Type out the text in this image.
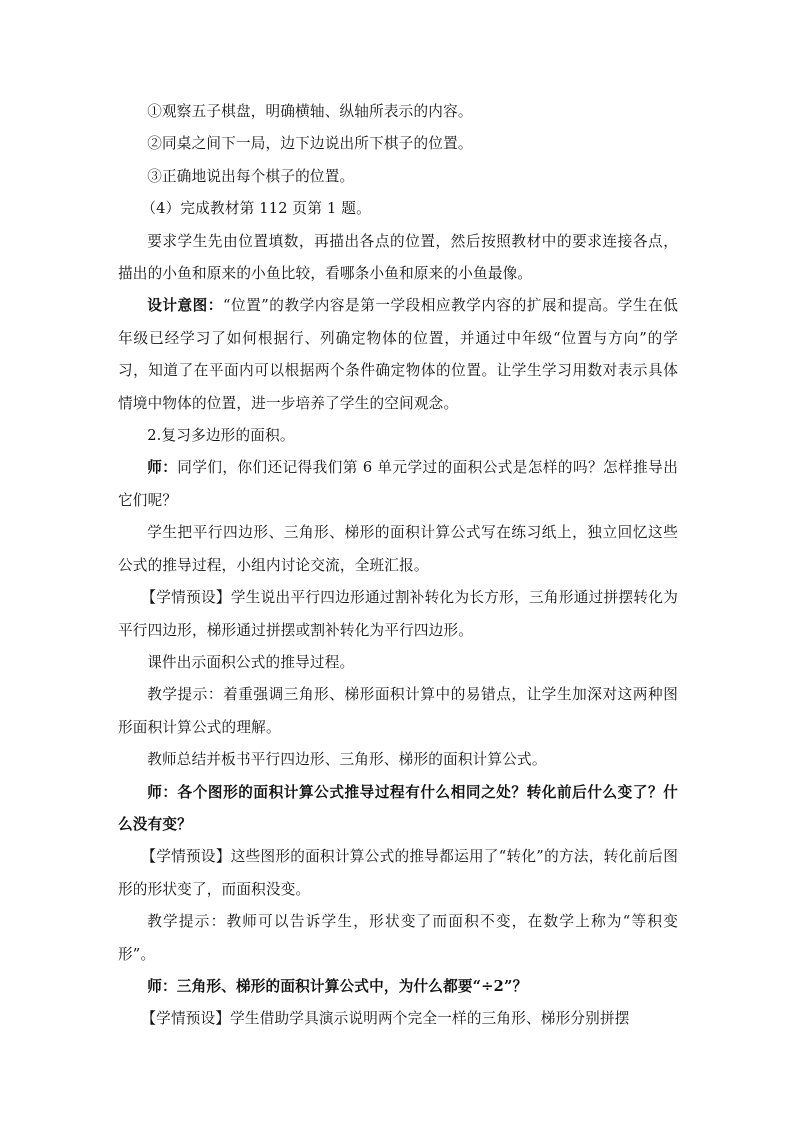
①观察五子棋盘，明确横轴、纵轴所表示的内容。

②同桌之间下一局，边下边说出所下棋子的位置。

③正确地说出每个棋子的位置。

（4）完成教材第 112 页第 1 题。

要求学生先由位置填数，再描出各点的位置，然后按照教材中的要求连接各点，描出的小鱼和原来的小鱼比较，看哪条小鱼和原来的小鱼最像。

设计意图：“位置”的教学内容是第一学段相应教学内容的扩展和提高。学生在低年级已经学习了如何根据行、列确定物体的位置，并通过中年级“位置与方向”的学习，知道了在平面内可以根据两个条件确定物体的位置。让学生学习用数对表示具体情境中物体的位置，进一步培养了学生的空间观念。

2.复习多边形的面积。

师：同学们，你们还记得我们第 6 单元学过的面积公式是怎样的吗？怎样推导出它们呢？

学生把平行四边形、三角形、梯形的面积计算公式写在练习纸上，独立回忆这些公式的推导过程，小组内讨论交流，全班汇报。

【学情预设】学生说出平行四边形通过割补转化为长方形，三角形通过拼摆转化为平行四边形，梯形通过拼摆或割补转化为平行四边形。

课件出示面积公式的推导过程。

教学提示：着重强调三角形、梯形面积计算中的易错点，让学生加深对这两种图形面积计算公式的理解。

教师总结并板书平行四边形、三角形、梯形的面积计算公式。

师：各个图形的面积计算公式推导过程有什么相同之处？转化前后什么变了？什么没有变？

【学情预设】这些图形的面积计算公式的推导都运用了“转化”的方法，转化前后图形的形状变了，而面积没变。

教学提示：教师可以告诉学生，形状变了而面积不变，在数学上称为“等积变形”。

师：三角形、梯形的面积计算公式中，为什么都要“÷2”？

【学情预设】学生借助学具演示说明两个完全一样的三角形、梯形分别拼摆
